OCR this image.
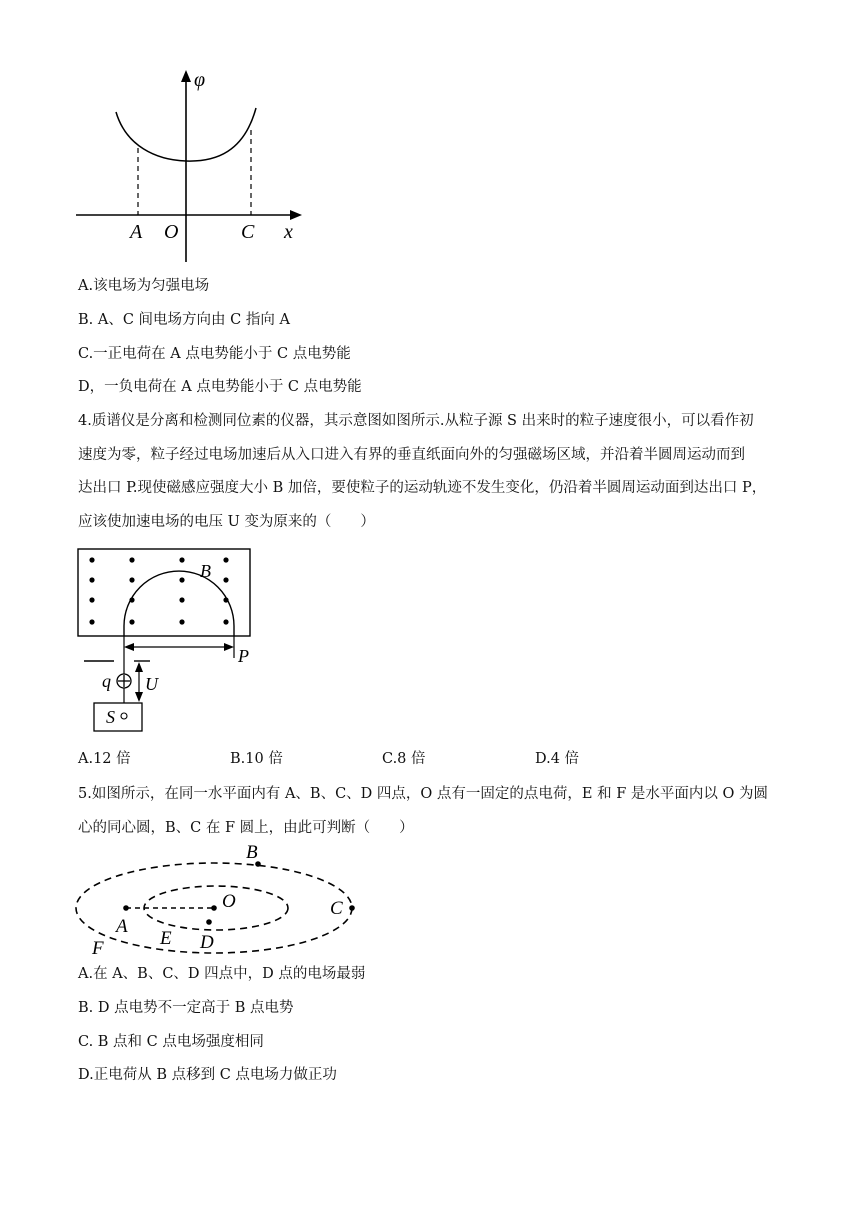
φ
A O	C x
A.该电场为匀强电场
B. A、C 间电场方向由 C 指向 A
C.一正电荷在 A 点电势能小于 C 点电势能
D，一负电荷在 A 点电势能小于 C 点电势能
4.质谱仪是分离和检测同位素的仪器，其示意图如图所示.从粒子源 S 出来时的粒子速度很小，可以看作初
速度为零，粒子经过电场加速后从入口进入有界的垂直纸面向外的匀强磁场区域，并沿着半圆周运动而到
达出口 P.现使磁感应强度大小 B 加倍，要使粒子的运动轨迹不发生变化，仍沿着半圆周运动面到达出口 P，
应该使加速电场的电压 U 变为原来的（　　）
B
P
q U
S
A.12 倍	B.10 倍	C.8 倍	D.4 倍
5.如图所示，在同一水平面内有 A、B、C、D 四点，O 点有一固定的点电荷，E 和 F 是水平面内以 O 为圆
心的同心圆，B、C 在 F 圆上，由此可判断（　　）
O
A
B
C
D
E
F
A.在 A、B、C、D 四点中，D 点的电场最弱
B. D 点电势不一定高于 B 点电势
C. B 点和 C 点电场强度相同
D.正电荷从 B 点移到 C 点电场力做正功
